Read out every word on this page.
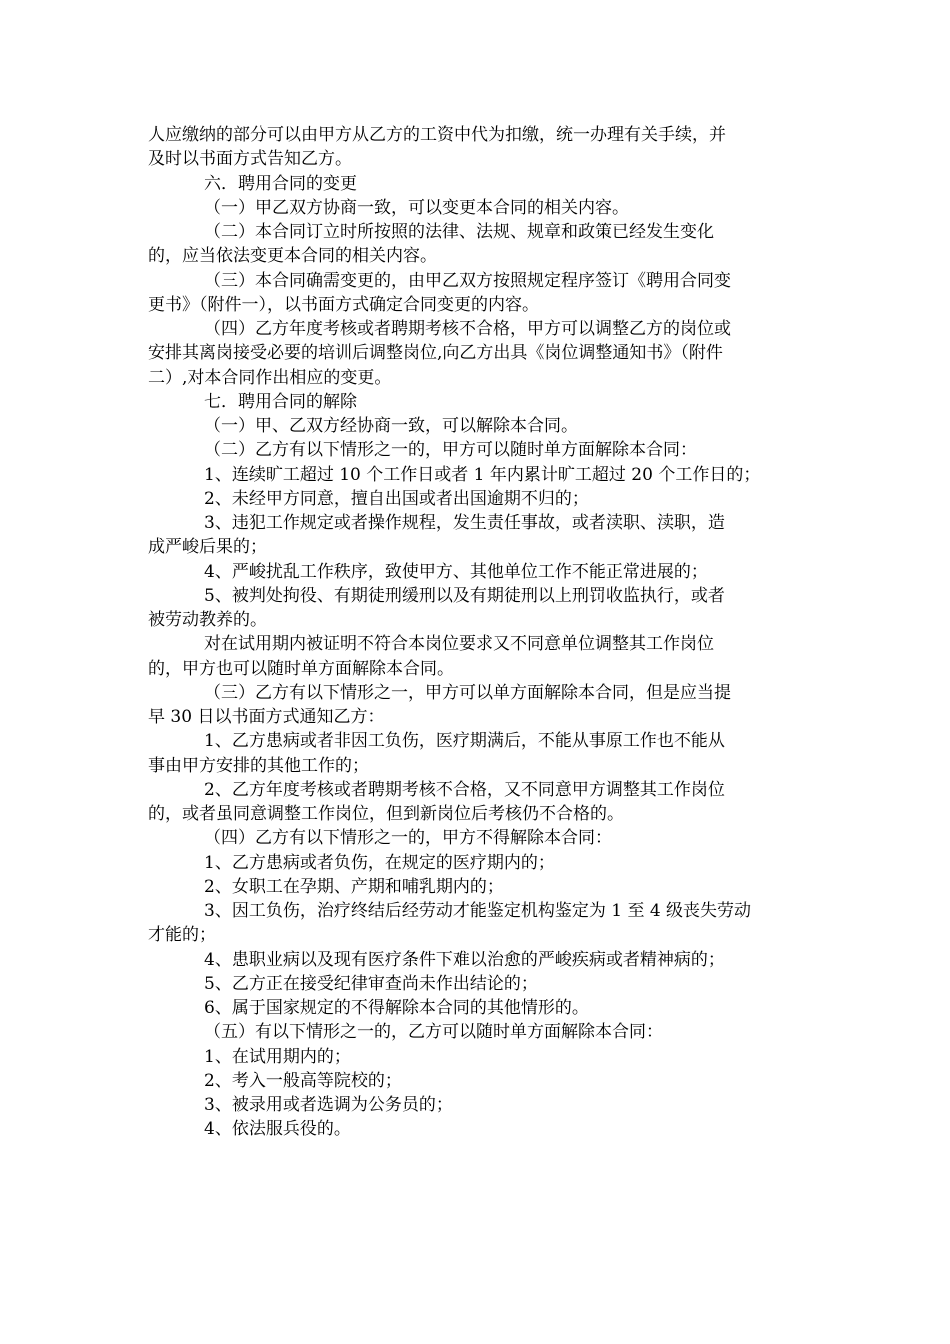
人应缴纳的部分可以由甲方从乙方的工资中代为扣缴，统一办理有关手续，并
及时以书面方式告知乙方。
六．聘用合同的变更
（一）甲乙双方协商一致，可以变更本合同的相关内容。
（二）本合同订立时所按照的法律、法规、规章和政策已经发生变化
的，应当依法变更本合同的相关内容。
（三）本合同确需变更的，由甲乙双方按照规定程序签订《聘用合同变
更书》（附件一），以书面方式确定合同变更的内容。
（四）乙方年度考核或者聘期考核不合格，甲方可以调整乙方的岗位或
安排其离岗接受必要的培训后调整岗位,向乙方出具《岗位调整通知书》（附件
二）,对本合同作出相应的变更。
七．聘用合同的解除
（一）甲、乙双方经协商一致，可以解除本合同。
（二）乙方有以下情形之一的，甲方可以随时单方面解除本合同：
1、连续旷工超过 10 个工作日或者 1 年内累计旷工超过 20 个工作日的；
2、未经甲方同意，擅自出国或者出国逾期不归的；
3、违犯工作规定或者操作规程，发生责任事故，或者渎职、渎职，造
成严峻后果的；
4、严峻扰乱工作秩序，致使甲方、其他单位工作不能正常进展的；
5、被判处拘役、有期徒刑缓刑以及有期徒刑以上刑罚收监执行，或者
被劳动教养的。
对在试用期内被证明不符合本岗位要求又不同意单位调整其工作岗位
的，甲方也可以随时单方面解除本合同。
（三）乙方有以下情形之一，甲方可以单方面解除本合同，但是应当提
早 30 日以书面方式通知乙方：
1、乙方患病或者非因工负伤，医疗期满后，不能从事原工作也不能从
事由甲方安排的其他工作的；
2、乙方年度考核或者聘期考核不合格，又不同意甲方调整其工作岗位
的，或者虽同意调整工作岗位，但到新岗位后考核仍不合格的。
（四）乙方有以下情形之一的，甲方不得解除本合同：
1、乙方患病或者负伤，在规定的医疗期内的；
2、女职工在孕期、产期和哺乳期内的；
3、因工负伤，治疗终结后经劳动才能鉴定机构鉴定为 1 至 4 级丧失劳动
才能的；
4、患职业病以及现有医疗条件下难以治愈的严峻疾病或者精神病的；
5、乙方正在接受纪律审查尚未作出结论的；
6、属于国家规定的不得解除本合同的其他情形的。
（五）有以下情形之一的，乙方可以随时单方面解除本合同：
1、在试用期内的；
2、考入一般高等院校的；
3、被录用或者选调为公务员的；
4、依法服兵役的。
